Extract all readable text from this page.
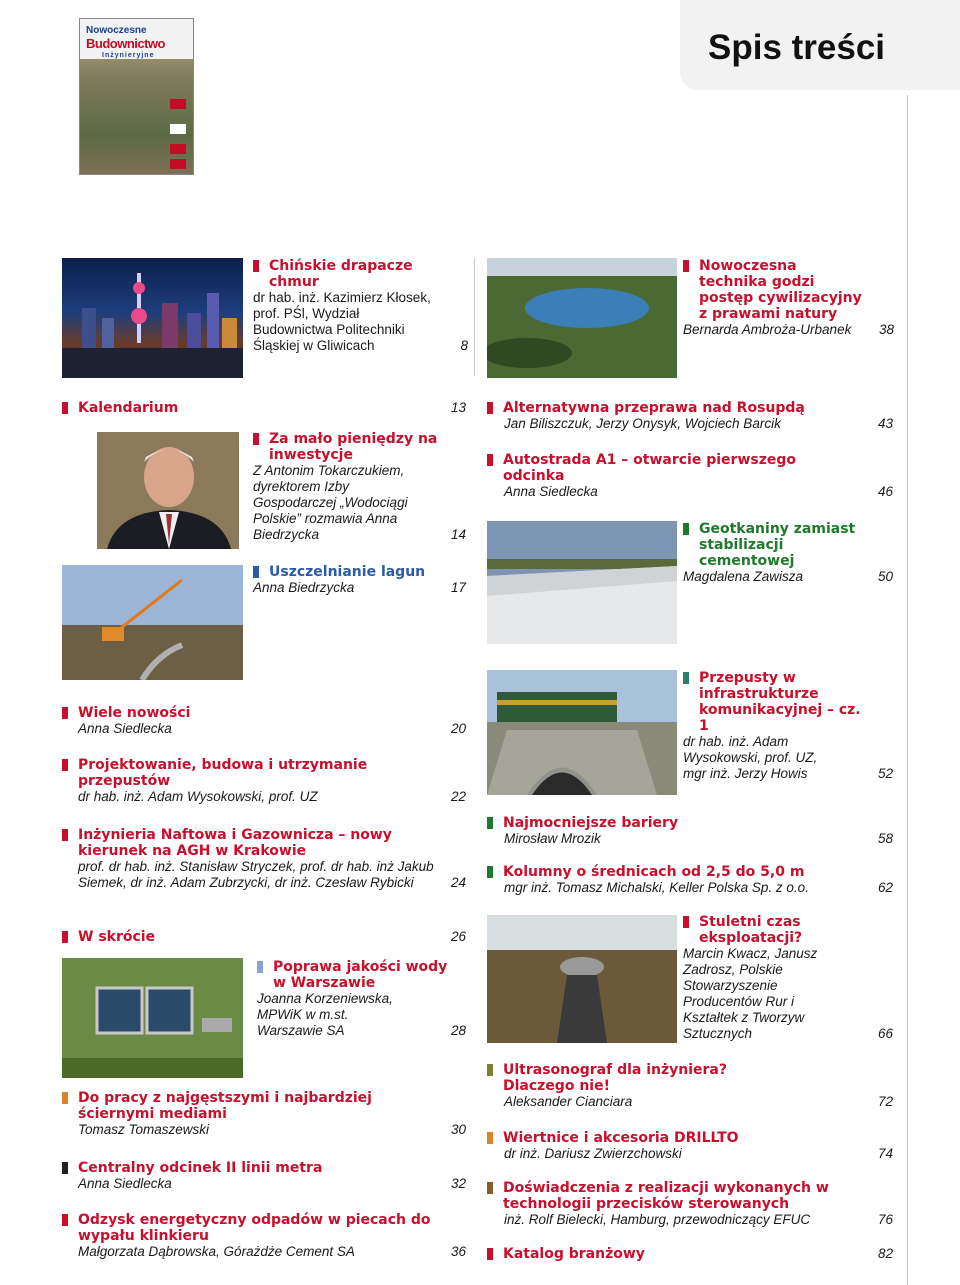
Nowoczesne
Budownictwo
Inżynieryjne	Spis treści
Chińskie drapacze chmur
dr hab. inż. Kazimierz Kłosek, prof. PŚl, Wydział Budownictwa Politechniki Śląskiej w Gliwicach	8
Nowoczesna technika godzi postęp cywilizacyjny z prawami natury
Bernarda Ambroża-Urbanek	38
Kalendarium	13
Za mało pieniędzy na inwestycje
Z Antonim Tokarczukiem, dyrektorem Izby Gospodarczej „Wodociągi Polskie” rozmawia Anna Biedrzycka	14
Uszczelnianie lagun
Anna Biedrzycka	17
Alternatywna przeprawa nad Rosupdą
Jan Biliszczuk, Jerzy Onysyk, Wojciech Barcik	43
Autostrada A1 – otwarcie pierwszego odcinka
Anna Siedlecka	46
Geotkaniny zamiast stabilizacji cementowej
Magdalena Zawisza	50
Wiele nowości
Anna Siedlecka	20
Projektowanie, budowa i utrzymanie przepustów
dr hab. inż. Adam Wysokowski, prof. UZ	22
Inżynieria Naftowa i Gazownicza – nowy kierunek na AGH w Krakowie
prof. dr hab. inż. Stanisław Stryczek, prof. dr hab. inż Jakub Siemek, dr inż. Adam Zubrzycki, dr inż. Czesław Rybicki	24
W skrócie	26
Poprawa jakości wody w Warszawie
Joanna Korzeniewska, MPWiK w m.st. Warszawie SA	28
Przepusty w infrastrukturze komunikacyjnej – cz. 1
dr hab. inż. Adam Wysokowski, prof. UZ, mgr inż. Jerzy Howis	52
Najmocniejsze bariery
Mirosław Mrozik	58
Kolumny o średnicach od 2,5 do 5,0 m
mgr inż. Tomasz Michalski, Keller Polska Sp. z o.o.	62
Stuletni czas eksploatacji?
Marcin Kwacz, Janusz Zadrosz, Polskie Stowarzyszenie Producentów Rur i Kształtek z Tworzyw Sztucznych	66
Do pracy z najgęstszymi i najbardziej ściernymi mediami
Tomasz Tomaszewski	30
Centralny odcinek II linii metra
Anna Siedlecka	32
Odzysk energetyczny odpadów w piecach do wypału klinkieru
Małgorzata Dąbrowska, Górażdże Cement SA	36
Ultrasonograf dla inżyniera? Dlaczego nie!
Aleksander Cianciara	72
Wiertnice i akcesoria DRILLTO
dr inż. Dariusz Zwierzchowski	74
Doświadczenia z realizacji wykonanych w technologii przecisków sterowanych
inż. Rolf Bielecki, Hamburg, przewodniczący EFUC	76
Katalog branżowy	82
